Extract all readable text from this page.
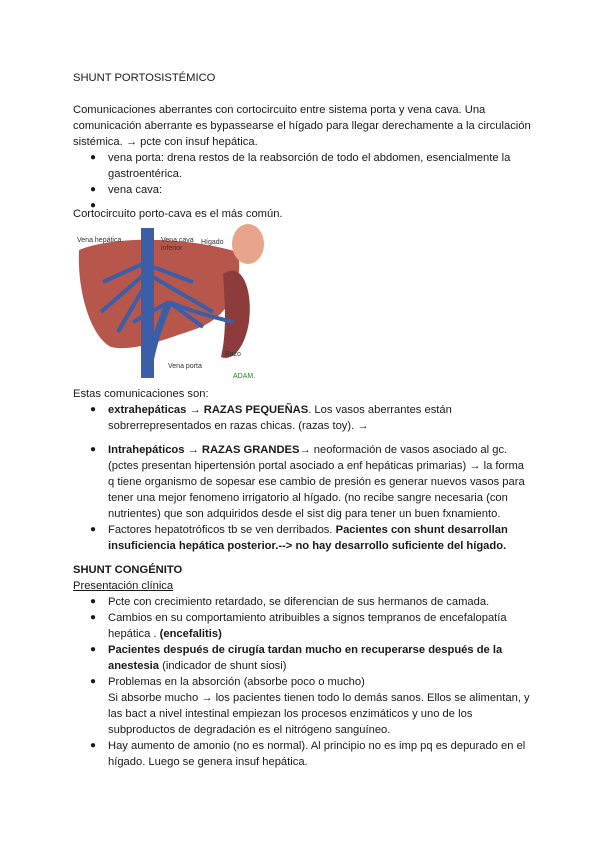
SHUNT PORTOSISTÉMICO

Comunicaciones aberrantes con cortocircuito entre sistema porta y vena cava. Una

comunicación aberrante es bypassearse el hígado para llegar derechamente a la circulación

sistémica. → pcte con insuf hepática.

● vena porta: drena restos de la reabsorción de todo el abdomen, esencialmente la

gastroentérica.

● vena cava:

●

Cortocircuito porto-cava es el más común.

Vena hepática	Vena cava
inferior
Hígado
Bazo
Vena porta
ADAM.

Estas comunicaciones son:

● extrahepáticas → RAZAS PEQUEÑAS. Los vasos aberrantes están

sobrerrepresentados en razas chicas. (razas toy). →

● Intrahepáticos → RAZAS GRANDES→ neoformación de vasos asociado al gc.

(pctes presentan hipertensión portal asociado a enf hepáticas primarias) → la forma

q tiene organismo de sopesar ese cambio de presión es generar nuevos vasos para

tener una mejor fenomeno irrigatorio al hígado. (no recibe sangre necesaria (con

nutrientes) que son adquiridos desde el sist dig para tener un buen fxnamiento.

● Factores hepatotróficos tb se ven derribados. Pacientes con shunt desarrollan

insuficiencia hepática posterior.--> no hay desarrollo suficiente del hígado.

SHUNT CONGÉNITO

Presentación clínica

● Pcte con crecimiento retardado, se diferencian de sus hermanos de camada.

● Cambios en su comportamiento atribuibles a signos tempranos de encefalopatía

hepática . (encefalitis)

● Pacientes después de cirugía tardan mucho en recuperarse después de la

anestesia (indicador de shunt siosi)

● Problemas en la absorción (absorbe poco o mucho)

Si absorbe mucho → los pacientes tienen todo lo demás sanos. Ellos se alimentan, y

las bact a nivel intestinal empiezan los procesos enzimáticos y uno de los

subproductos de degradación es el nitrógeno sanguíneo.

● Hay aumento de amonio (no es normal). Al principio no es imp pq es depurado en el

hígado. Luego se genera insuf hepática.
